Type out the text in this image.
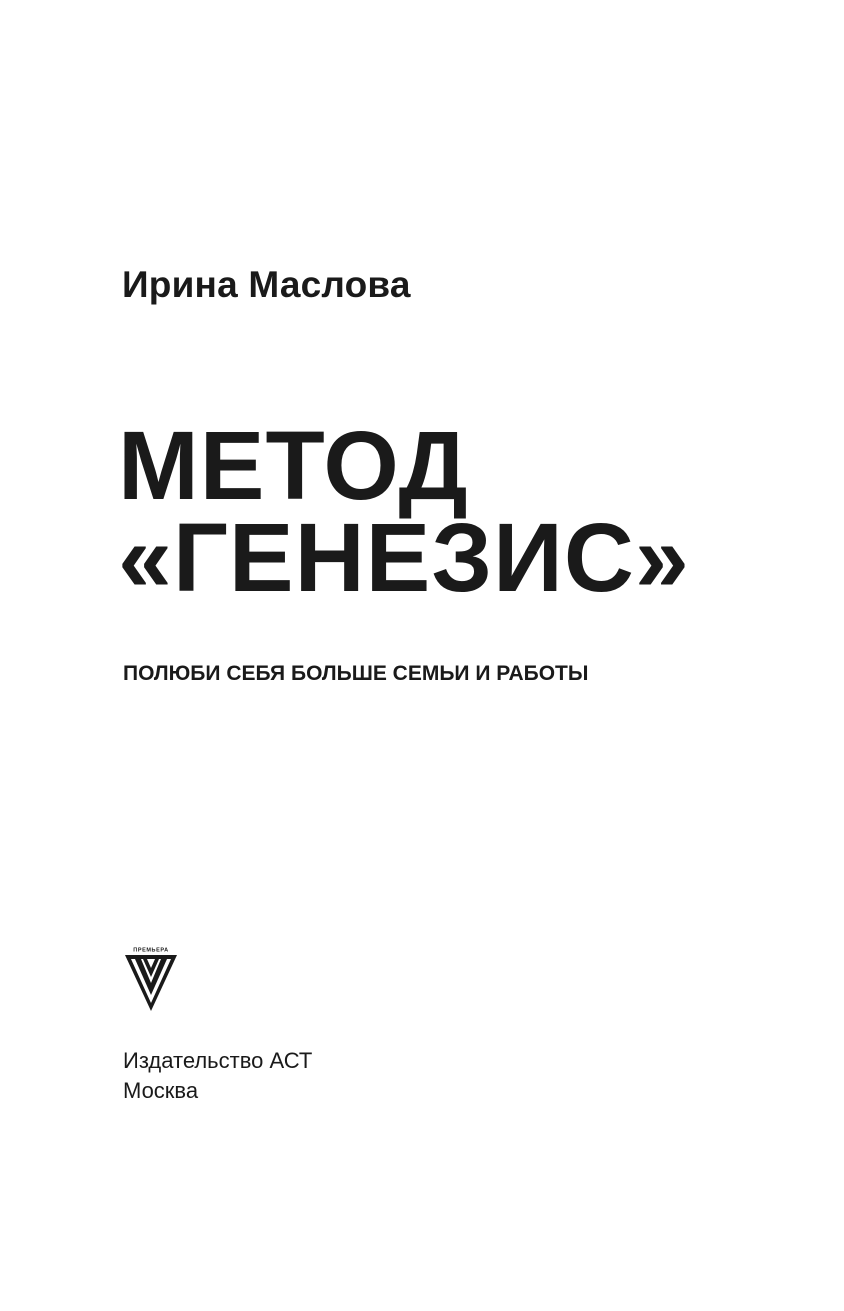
Ирина Маслова
МЕТОД
«ГЕНЕЗИС»
ПОЛЮБИ СЕБЯ БОЛЬШЕ СЕМЬИ И РАБОТЫ
ПРЕМЬЕРА
Издательство АСТ
Москва
